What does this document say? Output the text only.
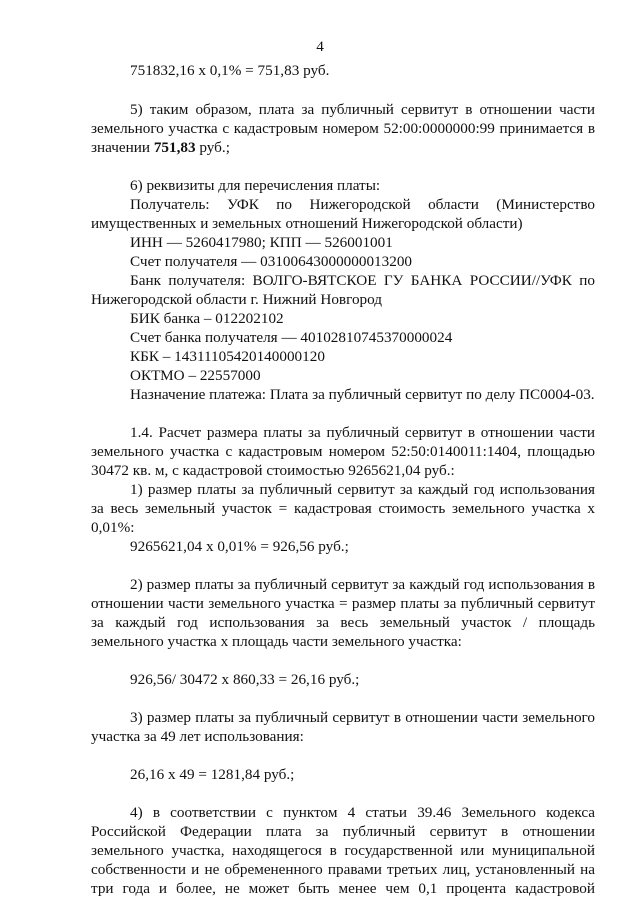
4
751832,16 х 0,1% = 751,83 руб.
5) таким образом, плата за публичный сервитут в отношении части
земельного участка с кадастровым номером 52:00:0000000:99 принимается в
значении 751,83 руб.;
6) реквизиты для перечисления платы:
Получатель: УФК по Нижегородской области (Министерство
имущественных и земельных отношений Нижегородской области)
ИНН — 5260417980; КПП — 526001001
Счет получателя — 03100643000000013200
Банк получателя: ВОЛГО-ВЯТСКОЕ ГУ БАНКА РОССИИ//УФК по
Нижегородской области г. Нижний Новгород
БИК банка – 012202102
Счет банка получателя — 40102810745370000024
КБК – 14311105420140000120
ОКТМО – 22557000
Назначение платежа: Плата за публичный сервитут по делу ПС0004-03.
1.4. Расчет размера платы за публичный сервитут в отношении части
земельного участка с кадастровым номером 52:50:0140011:1404, площадью
30472 кв. м, с кадастровой стоимостью 9265621,04 руб.:
1) размер платы за публичный сервитут за каждый год использования
за весь земельный участок = кадастровая стоимость земельного участка х
0,01%:
9265621,04 х 0,01% = 926,56 руб.;
2) размер платы за публичный сервитут за каждый год использования в
отношении части земельного участка = размер платы за публичный сервитут
за каждый год использования за весь земельный участок / площадь
земельного участка х площадь части земельного участка:
926,56/ 30472 х 860,33 = 26,16 руб.;
3) размер платы за публичный сервитут в отношении части земельного
участка за 49 лет использования:
26,16 х 49 = 1281,84 руб.;
4) в соответствии с пунктом 4 статьи 39.46 Земельного кодекса
Российской Федерации плата за публичный сервитут в отношении
земельного участка, находящегося в государственной или муниципальной
собственности и не обремененного правами третьих лиц, установленный на
три года и более, не может быть менее чем 0,1 процента кадастровой
